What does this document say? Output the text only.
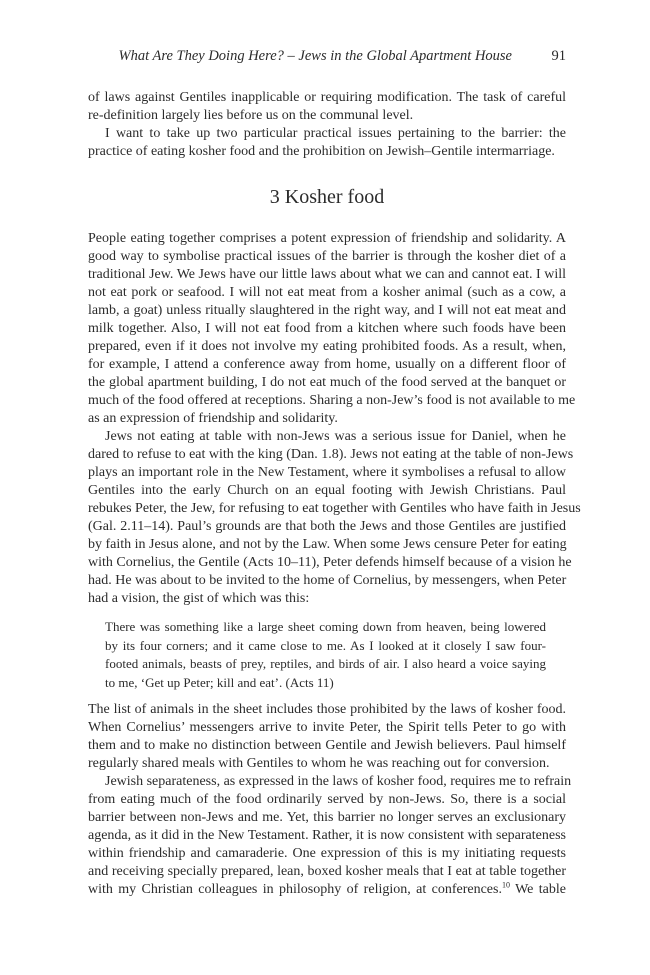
What Are They Doing Here? – Jews in the Global Apartment House	91
of laws against Gentiles inapplicable or requiring modification. The task of careful
re-definition largely lies before us on the communal level.
I want to take up two particular practical issues pertaining to the barrier: the
practice of eating kosher food and the prohibition on Jewish–Gentile intermarriage.
3 Kosher food
People eating together comprises a potent expression of friendship and solidarity. A
good way to symbolise practical issues of the barrier is through the kosher diet of a
traditional Jew. We Jews have our little laws about what we can and cannot eat. I will
not eat pork or seafood. I will not eat meat from a kosher animal (such as a cow, a
lamb, a goat) unless ritually slaughtered in the right way, and I will not eat meat and
milk together. Also, I will not eat food from a kitchen where such foods have been
prepared, even if it does not involve my eating prohibited foods. As a result, when,
for example, I attend a conference away from home, usually on a different floor of
the global apartment building, I do not eat much of the food served at the banquet or
much of the food offered at receptions. Sharing a non-Jew’s food is not available to me
as an expression of friendship and solidarity.
Jews not eating at table with non-Jews was a serious issue for Daniel, when he
dared to refuse to eat with the king (Dan. 1.8). Jews not eating at the table of non-Jews
plays an important role in the New Testament, where it symbolises a refusal to allow
Gentiles into the early Church on an equal footing with Jewish Christians. Paul
rebukes Peter, the Jew, for refusing to eat together with Gentiles who have faith in Jesus
(Gal. 2.11–14). Paul’s grounds are that both the Jews and those Gentiles are justified
by faith in Jesus alone, and not by the Law. When some Jews censure Peter for eating
with Cornelius, the Gentile (Acts 10–11), Peter defends himself because of a vision he
had. He was about to be invited to the home of Cornelius, by messengers, when Peter
had a vision, the gist of which was this:
There was something like a large sheet coming down from heaven, being lowered
by its four corners; and it came close to me. As I looked at it closely I saw four-
footed animals, beasts of prey, reptiles, and birds of air. I also heard a voice saying
to me, ‘Get up Peter; kill and eat’. (Acts 11)
The list of animals in the sheet includes those prohibited by the laws of kosher food.
When Cornelius’ messengers arrive to invite Peter, the Spirit tells Peter to go with
them and to make no distinction between Gentile and Jewish believers. Paul himself
regularly shared meals with Gentiles to whom he was reaching out for conversion.
Jewish separateness, as expressed in the laws of kosher food, requires me to refrain
from eating much of the food ordinarily served by non-Jews. So, there is a social
barrier between non-Jews and me. Yet, this barrier no longer serves an exclusionary
agenda, as it did in the New Testament. Rather, it is now consistent with separateness
within friendship and camaraderie. One expression of this is my initiating requests
and receiving specially prepared, lean, boxed kosher meals that I eat at table together
with my Christian colleagues in philosophy of religion, at conferences.$^{10}$ We table
